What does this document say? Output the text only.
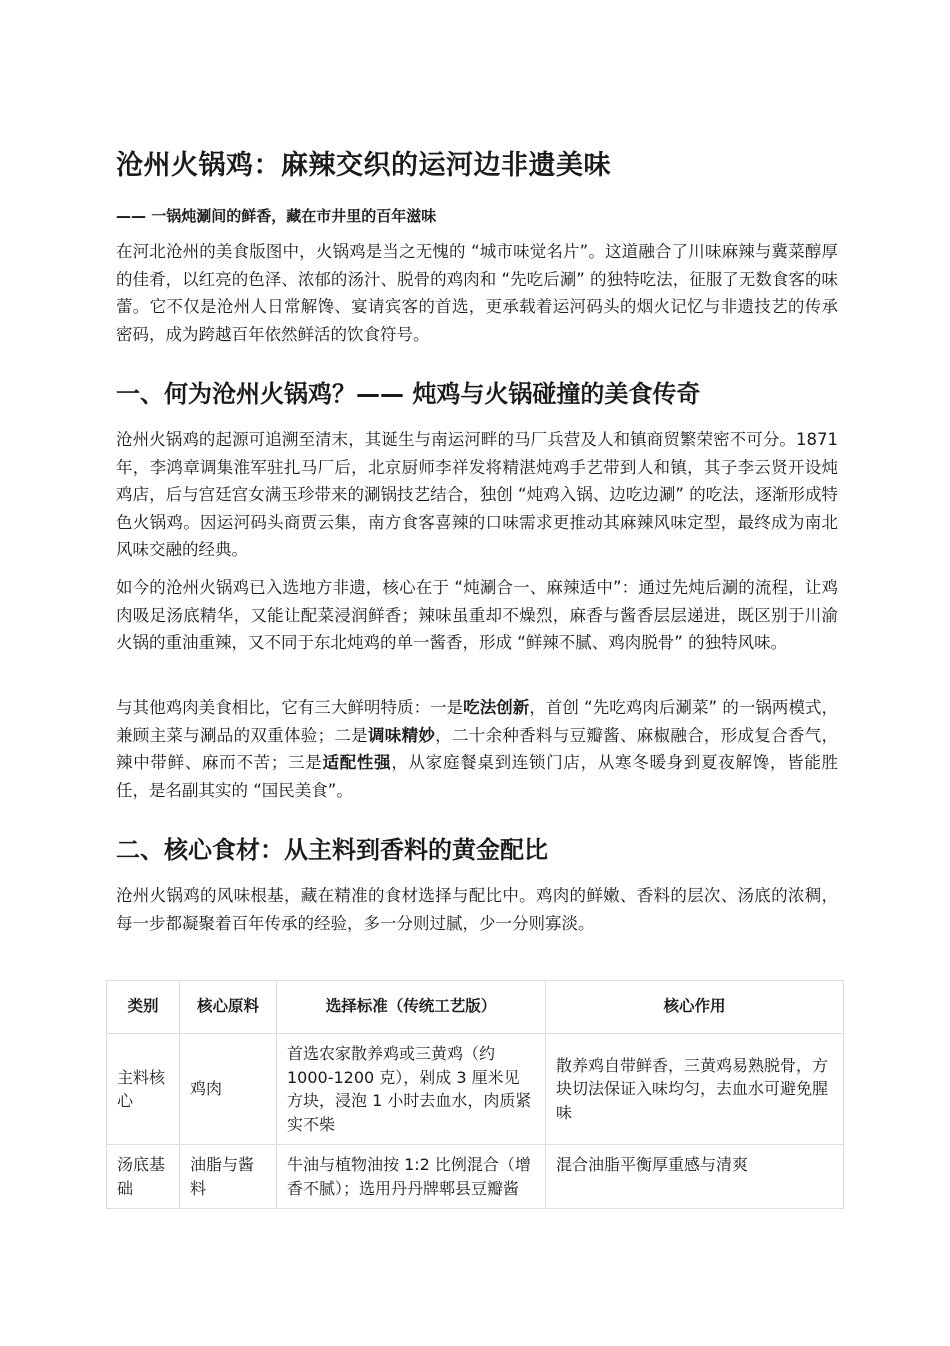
沧州火锅鸡：麻辣交织的运河边非遗美味
—— 一锅炖涮间的鲜香，藏在市井里的百年滋味

在河北沧州的美食版图中，火锅鸡是当之无愧的 “城市味觉名片”。这道融合了川味麻辣与冀菜醇厚的佳肴，以红亮的色泽、浓郁的汤汁、脱骨的鸡肉和 “先吃后涮” 的独特吃法，征服了无数食客的味蕾。它不仅是沧州人日常解馋、宴请宾客的首选，更承载着运河码头的烟火记忆与非遗技艺的传承密码，成为跨越百年依然鲜活的饮食符号。

一、何为沧州火锅鸡？—— 炖鸡与火锅碰撞的美食传奇

沧州火锅鸡的起源可追溯至清末，其诞生与南运河畔的马厂兵营及人和镇商贸繁荣密不可分。1871 年，李鸿章调集淮军驻扎马厂后，北京厨师李祥发将精湛炖鸡手艺带到人和镇，其子李云贤开设炖鸡店，后与宫廷宫女满玉珍带来的涮锅技艺结合，独创 “炖鸡入锅、边吃边涮” 的吃法，逐渐形成特色火锅鸡。因运河码头商贾云集，南方食客喜辣的口味需求更推动其麻辣风味定型，最终成为南北风味交融的经典。

如今的沧州火锅鸡已入选地方非遗，核心在于 “炖涮合一、麻辣适中”：通过先炖后涮的流程，让鸡肉吸足汤底精华，又能让配菜浸润鲜香；辣味虽重却不燥烈，麻香与酱香层层递进，既区别于川渝火锅的重油重辣，又不同于东北炖鸡的单一酱香，形成 “鲜辣不腻、鸡肉脱骨” 的独特风味。

与其他鸡肉美食相比，它有三大鲜明特质：一是吃法创新，首创 “先吃鸡肉后涮菜” 的一锅两模式，兼顾主菜与涮品的双重体验；二是调味精妙，二十余种香料与豆瓣酱、麻椒融合，形成复合香气，辣中带鲜、麻而不苦；三是适配性强，从家庭餐桌到连锁门店，从寒冬暖身到夏夜解馋，皆能胜任，是名副其实的 “国民美食”。

二、核心食材：从主料到香料的黄金配比

沧州火锅鸡的风味根基，藏在精准的食材选择与配比中。鸡肉的鲜嫩、香料的层次、汤底的浓稠，每一步都凝聚着百年传承的经验，多一分则过腻，少一分则寡淡。

类别	核心原料	选择标准（传统工艺版）	核心作用
主料核心	鸡肉	首选农家散养鸡或三黄鸡（约 1000-1200 克），剁成 3 厘米见方块，浸泡 1 小时去血水，肉质紧实不柴	散养鸡自带鲜香，三黄鸡易熟脱骨，方块切法保证入味均匀，去血水可避免腥味
汤底基础	油脂与酱料	牛油与植物油按 1:2 比例混合（增香不腻）；选用丹丹牌郫县豆瓣酱	混合油脂平衡厚重感与清爽
